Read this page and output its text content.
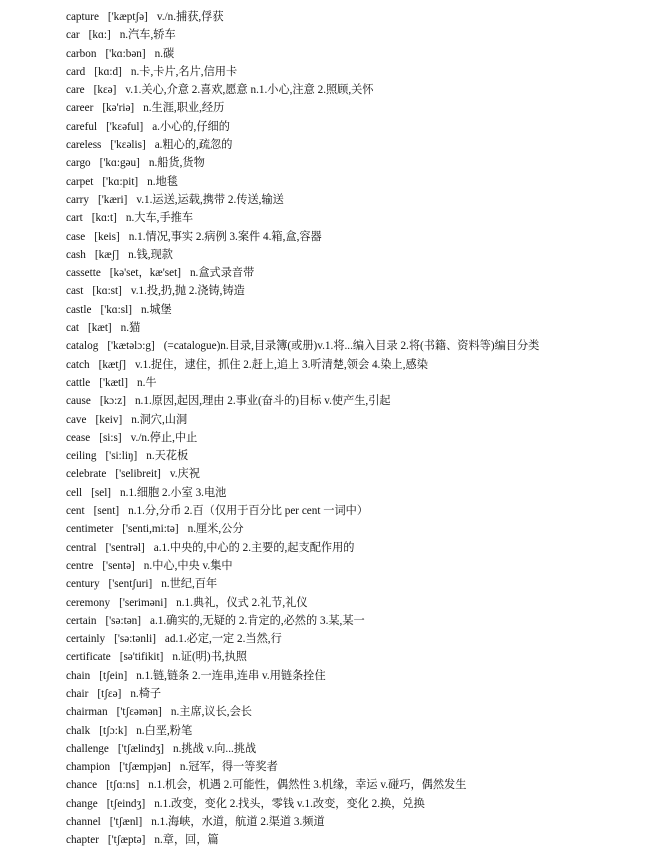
capture ['kæptʃə] v./n.捕获,俘获
car [kɑ:] n.汽车,轿车
carbon ['kɑ:bən] n.碳
card [kɑ:d] n.卡,卡片,名片,信用卡
care [kɛə] v.1.关心,介意 2.喜欢,愿意 n.1.小心,注意 2.照顾,关怀
career [kə'riə] n.生涯,职业,经历
careful ['kɛəful] a.小心的,仔细的
careless ['kɛəlis] a.粗心的,疏忽的
cargo ['kɑ:gəu] n.船货,货物
carpet ['kɑ:pit] n.地毯
carry ['kæri] v.1.运送,运载,携带 2.传送,输送
cart [kɑ:t] n.大车,手推车
case [keis] n.1.情况,事实 2.病例 3.案件 4.箱,盒,容器
cash [kæʃ] n.钱,现款
cassette [kə'set，kæ'set] n.盒式录音带
cast [kɑ:st] v.1.投,扔,抛 2.浇铸,铸造
castle ['kɑ:sl] n.城堡
cat [kæt] n.猫
catalog ['kætəlɔ:g] (=catalogue)n.目录,目录簿(或册)v.1.将...编入目录 2.将(书籍、资料等)编目分类
catch [kætʃ] v.1.捉住，逮住，抓住 2.赶上,追上 3.听清楚,领会 4.染上,感染
cattle ['kætl] n.牛
cause [kɔ:z] n.1.原因,起因,理由 2.事业(奋斗的)目标 v.使产生,引起
cave [keiv] n.洞穴,山洞
cease [si:s] v./n.停止,中止
ceiling ['si:liŋ] n.天花板
celebrate ['selibreit] v.庆祝
cell [sel] n.1.细胞 2.小室 3.电池
cent [sent] n.1.分,分币 2.百（仅用于百分比 per cent 一词中）
centimeter ['senti,mi:tə] n.厘米,公分
central ['sentrəl] a.1.中央的,中心的 2.主要的,起支配作用的
centre ['sentə] n.中心,中央 v.集中
century ['sentʃuri] n.世纪,百年
ceremony ['seriməni] n.1.典礼，仪式 2.礼节,礼仪
certain ['sə:tən] a.1.确实的,无疑的 2.肯定的,必然的 3.某,某一
certainly ['sə:tənli] ad.1.必定,一定 2.当然,行
certificate [sə'tifikit] n.证(明)书,执照
chain [tʃein] n.1.链,链条 2.一连串,连串 v.用链条拴住
chair [tʃɛə] n.椅子
chairman ['tʃɛəmən] n.主席,议长,会长
chalk [tʃɔ:k] n.白垩,粉笔
challenge ['tʃælindʒ] n.挑战 v.向...挑战
champion ['tʃæmpjən] n.冠军，得一等奖者
chance [tʃɑ:ns] n.1.机会，机遇 2.可能性，偶然性 3.机缘，幸运 v.碰巧，偶然发生
change [tʃeindʒ] n.1.改变，变化 2.找头，零钱 v.1.改变，变化 2.换，兑换
channel ['tʃænl] n.1.海峡，水道，航道 2.渠道 3.频道
chapter ['tʃæptə] n.章，回，篇
